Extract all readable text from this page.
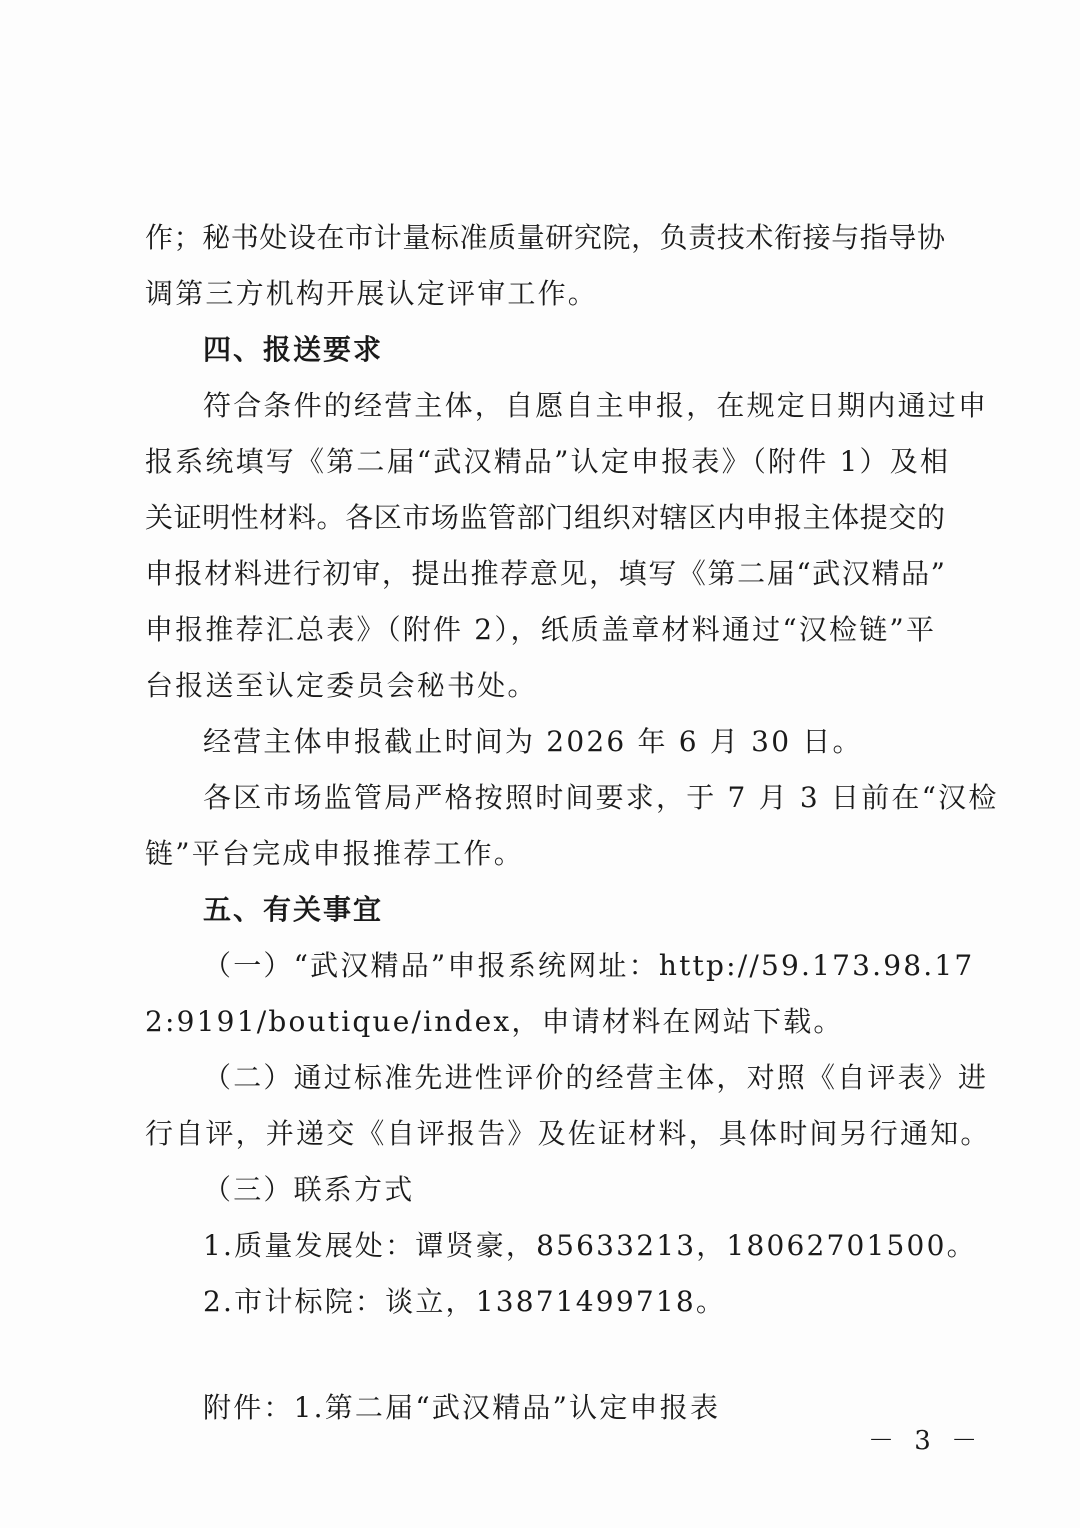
作；秘书处设在市计量标准质量研究院，负责技术衔接与指导协
调第三方机构开展认定评审工作。
四、报送要求
符合条件的经营主体，自愿自主申报，在规定日期内通过申
报系统填写《第二届“武汉精品”认定申报表》（附件 1）及相
关证明性材料。各区市场监管部门组织对辖区内申报主体提交的
申报材料进行初审，提出推荐意见，填写《第二届“武汉精品”
申报推荐汇总表》（附件 2），纸质盖章材料通过“汉检链”平
台报送至认定委员会秘书处。
经营主体申报截止时间为 2026 年 6 月 30 日。
各区市场监管局严格按照时间要求，于 7 月 3 日前在“汉检
链”平台完成申报推荐工作。
五、有关事宜
（一）“武汉精品”申报系统网址：http://59.173.98.17
2:9191/boutique/index，申请材料在网站下载。
（二）通过标准先进性评价的经营主体，对照《自评表》进
行自评，并递交《自评报告》及佐证材料，具体时间另行通知。
（三）联系方式
1.质量发展处：谭贤豪，85633213，18062701500。
2.市计标院：谈立，13871499718。
附件：1.第二届“武汉精品”认定申报表
－ 3 －
